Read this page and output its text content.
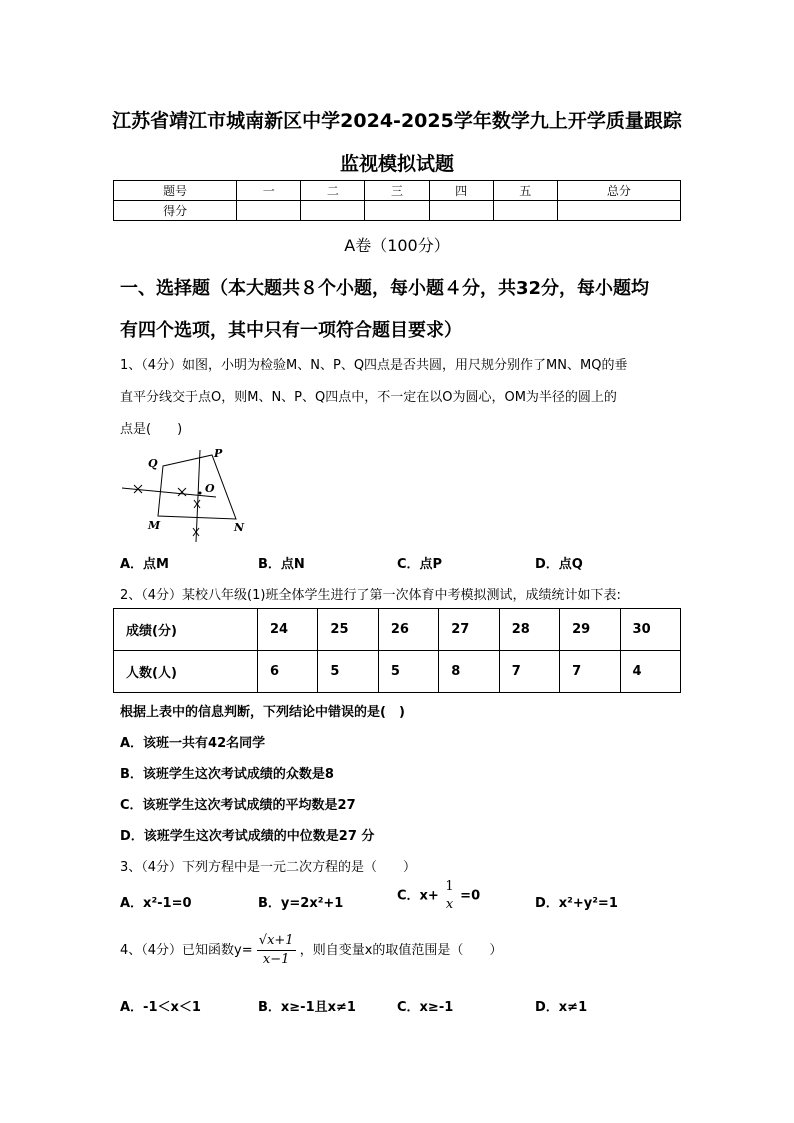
江苏省靖江市城南新区中学2024-2025学年数学九上开学质量跟踪
监视模拟试题
题号	一	二	三	四	五	总分
得分						
A卷（100分）
一、选择题（本大题共８个小题，每小题４分，共32分，每小题均
有四个选项，其中只有一项符合题目要求）
1、（4分）如图，小明为检验M、N、P、Q四点是否共圆，用尺规分别作了MN、MQ的垂
直平分线交于点O，则M、N、P、Q四点中，不一定在以O为圆心，OM为半径的圆上的
点是(　　)
Q
P
O
M	N
A．点M	B．点N	C．点P	D．点Q
2、（4分）某校八年级(1)班全体学生进行了第一次体育中考模拟测试，成绩统计如下表:
成绩(分)	24	25	26	27	28	29	30
人数(人)	6	5	5	8	7	7	4
根据上表中的信息判断，下列结论中错误的是(　)
A．该班一共有42名同学
B．该班学生这次考试成绩的众数是8
C．该班学生这次考试成绩的平均数是27
D．该班学生这次考试成绩的中位数是27 分
3、（4分）下列方程中是一元二次方程的是（　　）
A．x²-1=0	B．y=2x²+1	C．x+
1
x =0	D．x²+y²=1
4、（4分）已知函数$y= \frac{√x+1}{x-1}$ ，则自变量x的取值范围是（　　）
A．-1＜x＜1	B．x≥-1且x≠1	C．x≥-1	D．x≠1
